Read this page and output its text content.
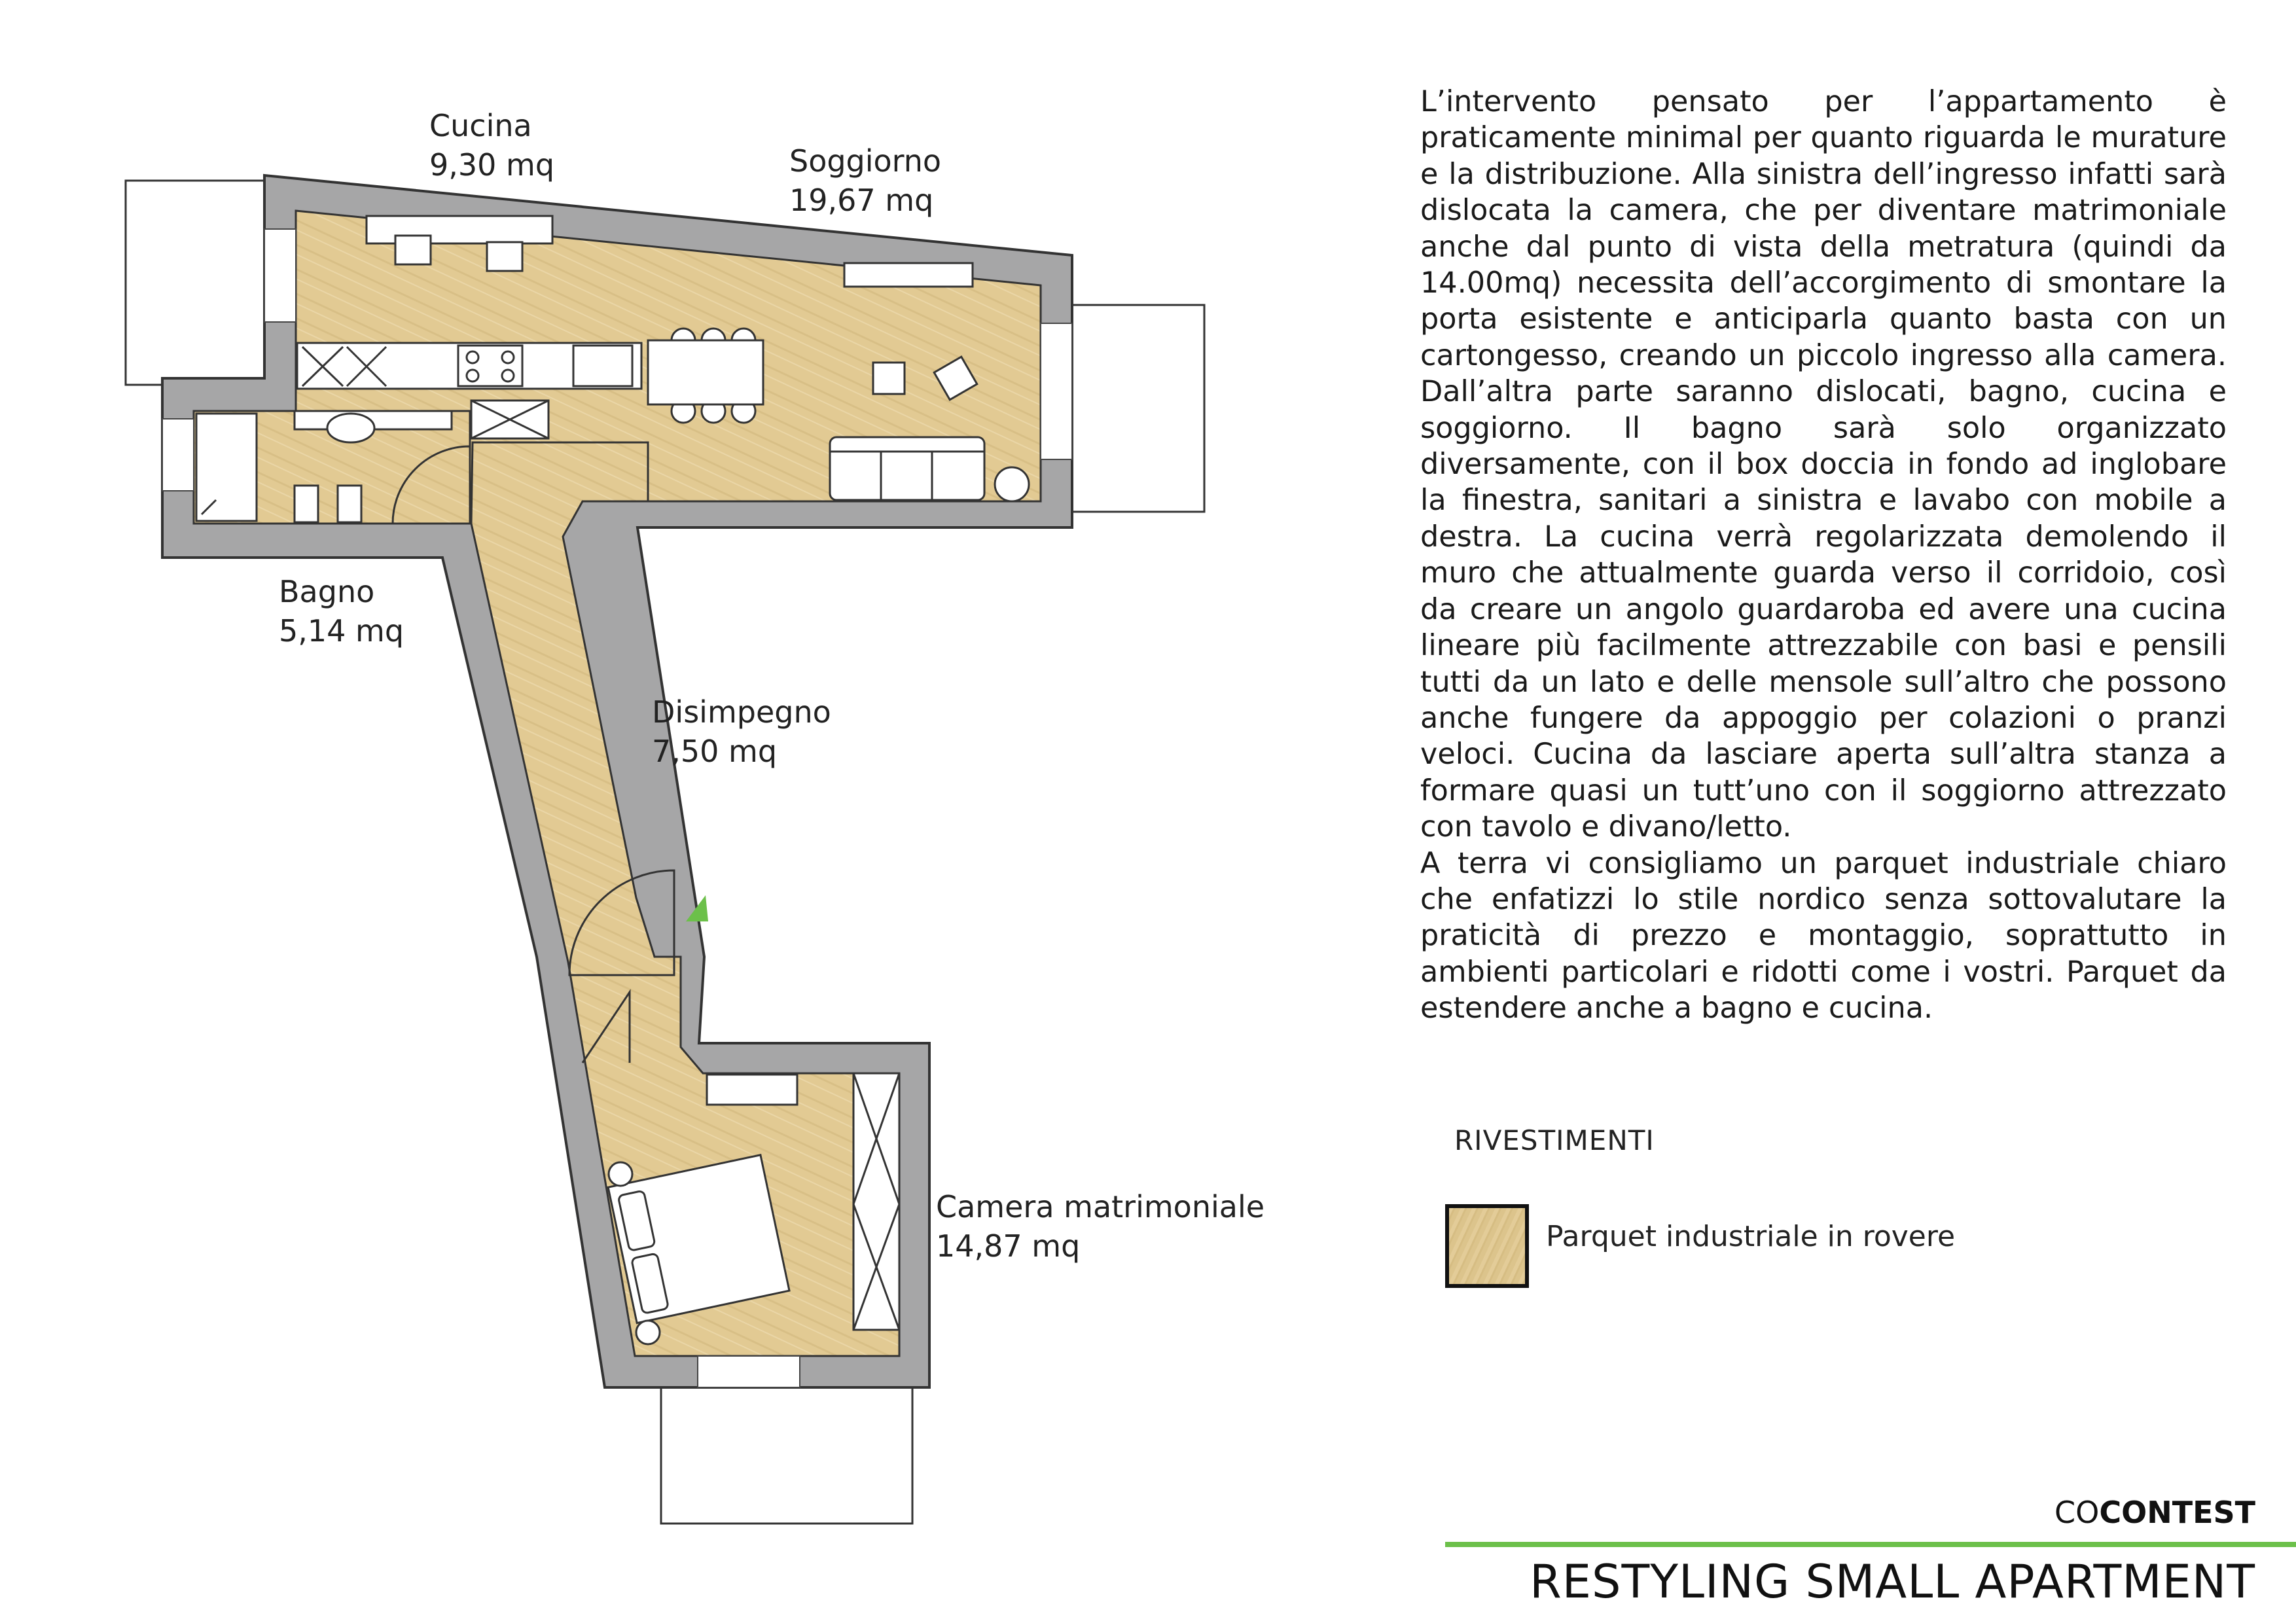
Cucina
9,30 mq	Soggiorno
19,67 mq
Bagno
5,14 mq
Disimpegno
7,50 mq
Camera matrimoniale
14,87 mq

L’intervento pensato per l’appartamento è praticamente minimal per quanto riguarda le murature e la distribuzione. Alla sinistra dell’ingresso infatti sarà dislocata la camera, che per diventare matrimoniale anche dal punto di vista della metratura (quindi da 14.00mq) necessita dell’accorgimento di smontare la porta esistente e anticiparla quanto basta con un cartongesso, creando un piccolo ingresso alla camera. Dall’altra parte saranno dislocati, bagno, cucina e soggiorno. Il bagno sarà solo organizzato diversamente, con il box doccia in fondo ad inglobare la finestra, sanitari a sinistra e lavabo con mobile a destra. La cucina verrà regolarizzata demolendo il muro che attualmente guarda verso il corridoio, così da creare un angolo guardaroba ed avere una cucina lineare più facilmente attrezzabile con basi e pensili tutti da un lato e delle mensole sull’altro che possono anche fungere da appoggio per colazioni o pranzi veloci. Cucina da lasciare aperta sull’altra stanza a formare quasi un tutt’uno con il soggiorno attrezzato con tavolo e divano/letto.

A terra vi consigliamo un parquet industriale chiaro che enfatizzi lo stile nordico senza sottovalutare la praticità di prezzo e montaggio, soprattutto in ambienti particolari e ridotti come i vostri. Parquet da estendere anche a bagno e cucina.

RIVESTIMENTI
Parquet industriale in rovere
COCONTEST
RESTYLING SMALL APARTMENT
